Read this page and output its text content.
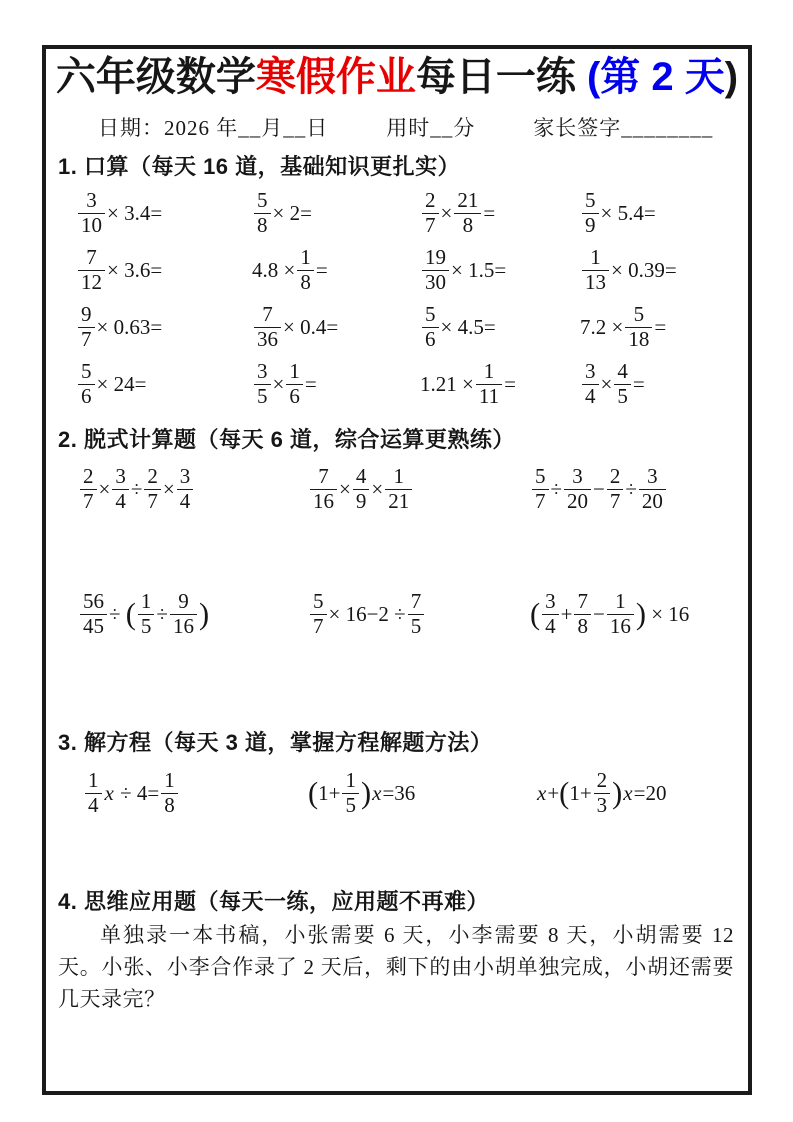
六年级数学寒假作业每日一练 (第 2 天)
日期：2026 年__月__日	用时__分	家长签字________
1. 口算（每天 16 道，基础知识更扎实）
$\frac{3}{10} \times 3.4=$	$\frac{5}{8} \times 2=$	$\frac{2}{7} \times \frac{21}{8}$ =	$\frac{5}{9} \times 5.4=$
$\frac{7}{12} \times 3.6=$	$4.8 \times \frac{1}{8}$ =	$\frac{19}{30} \times 1.5=$	$\frac{1}{13} \times 0.39=$
$\frac{9}{7} \times 0.63=$	$\frac{7}{36} \times 0.4=$	$\frac{5}{6} \times 4.5=$	$7.2 \times \frac{5}{18}$ =
$\frac{5}{6} \times 24=$	$\frac{3}{5} \times \frac{1}{6}$ =	$1.21 \times \frac{1}{11}$ =	$\frac{3}{4} \times \frac{4}{5}$ =
2. 脱式计算题（每天 6 道，综合运算更熟练）
$\frac{2}{7} \times \frac{3}{4} \div \frac{2}{7} \times \frac{3}{4}$	$\frac{7}{16} \times \frac{4}{9} \times \frac{1}{21}$	$\frac{5}{7} \div \frac{3}{20} - \frac{2}{7} \div \frac{3}{20}$
$\frac{56}{45}$ ÷ ( $\frac{1}{5} \div \frac{9}{16}$ )	$\frac{5}{7} \times 16-2 \div \frac{7}{5}$	( $\frac{3}{4} + \frac{7}{8} - \frac{1}{16}$ ) × 16
3. 解方程（每天 3 道，掌握方程解题方法）
$\frac{1}{4}$ $x \div 4= \frac{1}{8}$	$(1+ \frac{1}{5} )x=36$	$x+(1+ \frac{2}{3} )x=20$
4. 思维应用题（每天一练，应用题不再难）
单独录一本书稿，小张需要 6 天，小李需要 8 天，小胡需要 12 天。小张、小李合作录了 2 天后，剩下的由小胡单独完成，小胡还需要几天录完？
